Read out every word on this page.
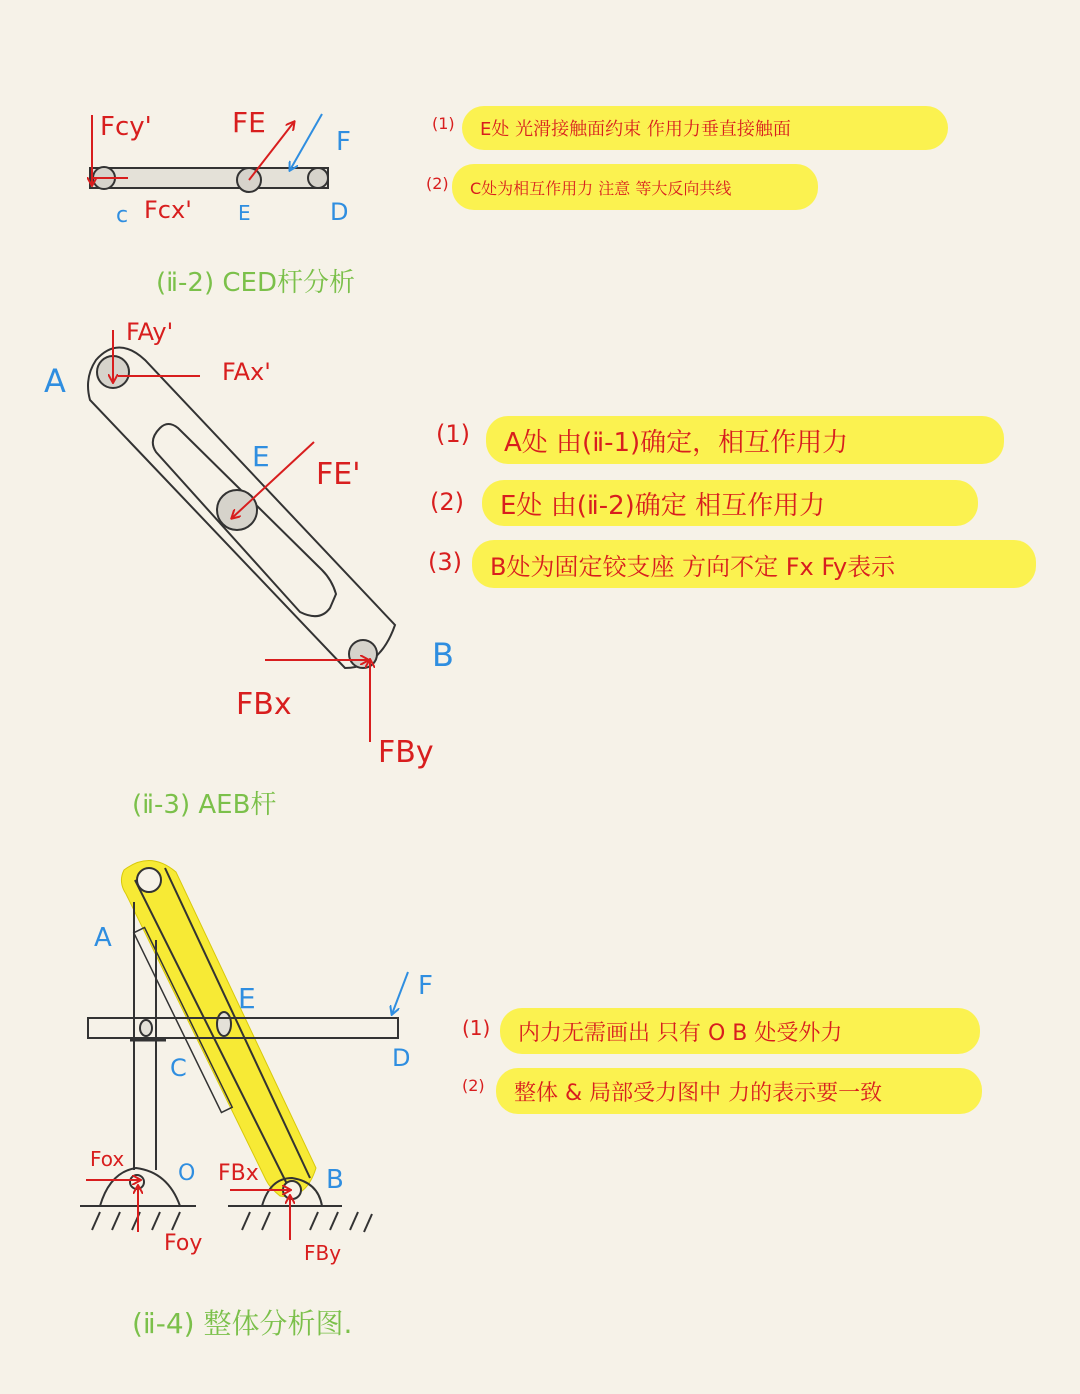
Fcy'	FE
F
c Fcx' E	D
A
FAy'
FAx'
E
FE'
B
FBx
FBy
A
E	F
C	D
Fox
O FBx	B
Foy	FBy
(ⅱ-2) CED杆分析
(ⅱ-3) AEB杆
(ⅱ-4) 整体分析图.
(1) E处 光滑接触面约束 作用力垂直接触面
(2) C处为相互作用力 注意 等大反向共线
(1) A处 由(ⅱ-1)确定，相互作用力
(2) E处 由(ⅱ-2)确定 相互作用力
(3) B处为固定铰支座 方向不定 Fx Fy表示
(1) 内力无需画出 只有 O B 处受外力
(2) 整体 & 局部受力图中 力的表示要一致
